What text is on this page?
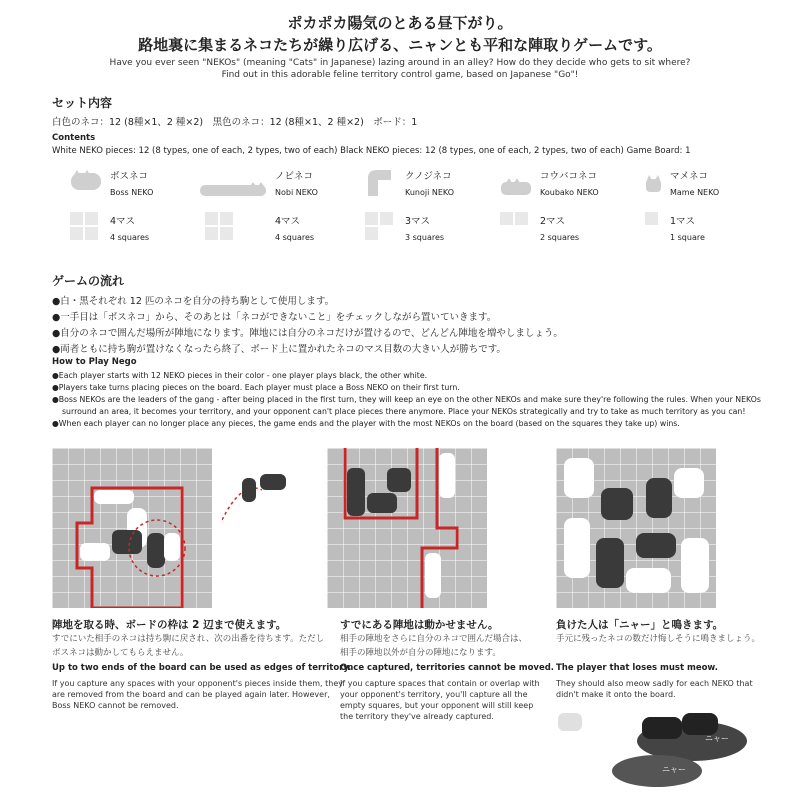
ポカポカ陽気のとある昼下がり。
路地裏に集まるネコたちが繰り広げる、ニャンとも平和な陣取りゲームです。
Have you ever seen "NEKOs" (meaning "Cats" in Japanese) lazing around in an alley? How do they decide who gets to sit where?
Find out in this adorable feline territory control game, based on Japanese "Go"!
セット内容
白色のネコ：12 (8種×1、2 種×2)　黒色のネコ：12 (8種×1、2 種×2)　ボード：1
Contents
White NEKO pieces: 12 (8 types, one of each, 2 types, two of each) Black NEKO pieces: 12 (8 types, one of each, 2 types, two of each) Game Board: 1
ボスネコ
Boss NEKO
4マス
4 squares
ノビネコ
Nobi NEKO
4マス
4 squares
クノジネコ
Kunoji NEKO
3マス
3 squares
コウバコネコ
Koubako NEKO
2マス
2 squares
マメネコ
Mame NEKO
1マス
1 square
ゲームの流れ
●白・黒それぞれ 12 匹のネコを自分の持ち駒として使用します。
●一手目は「ボスネコ」から、そのあとは「ネコができないこと」をチェックしながら置いていきます。
●自分のネコで囲んだ場所が陣地になります。陣地には自分のネコだけが置けるので、どんどん陣地を増やしましょう。
●両者ともに持ち駒が置けなくなったら終了、ボード上に置かれたネコのマス目数の大きい人が勝ちです。
How to Play Nego
●Each player starts with 12 NEKO pieces in their color - one player plays black, the other white.
●Players take turns placing pieces on the board. Each player must place a Boss NEKO on their first turn.
●Boss NEKOs are the leaders of the gang - after being placed in the first turn, they will keep an eye on the other NEKOs and make sure they're following the rules. When your NEKOs
surround an area, it becomes your territory, and your opponent can't place pieces there anymore. Place your NEKOs strategically and try to take as much territory as you can!
●When each player can no longer place any pieces, the game ends and the player with the most NEKOs on the board (based on the squares they take up) wins.
陣地を取る時、ボードの枠は 2 辺まで使えます。
すでにいた相手のネコは持ち駒に戻され、次の出番を待ちます。ただし
ボスネコは動かしてもらえません。
Up to two ends of the board can be used as edges of territory.
If you capture any spaces with your opponent's pieces inside them, they
are removed from the board and can be played again later. However,
Boss NEKO cannot be removed.
すでにある陣地は動かせません。
相手の陣地をさらに自分のネコで囲んだ場合は、
相手の陣地以外が自分の陣地になります。
Once captured, territories cannot be moved.
If you capture spaces that contain or overlap with
your opponent's territory, you'll capture all the
empty squares, but your opponent will still keep
the territory they've already captured.
負けた人は「ニャー」と鳴きます。
手元に残ったネコの数だけ悔しそうに鳴きましょう。
The player that loses must meow.
They should also meow sadly for each NEKO that
didn't make it onto the board.
ニャー
ニャー
